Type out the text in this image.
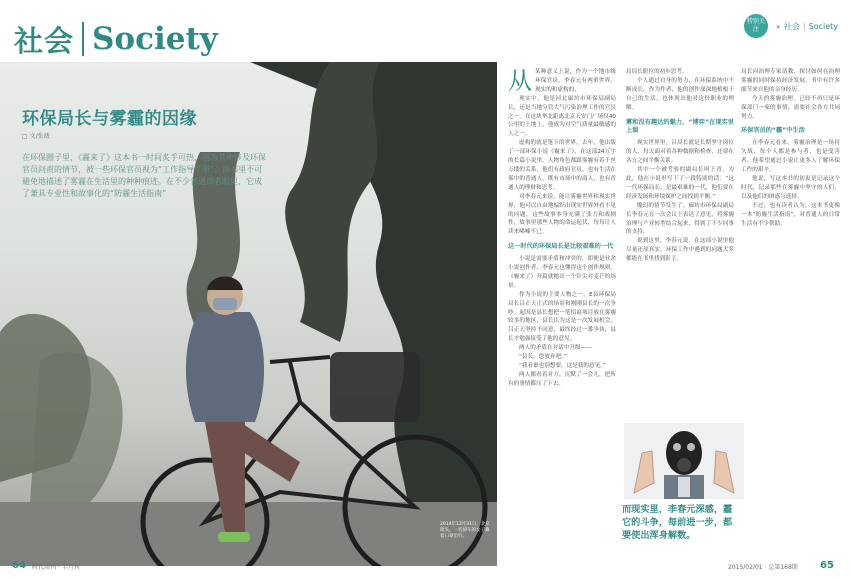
社会 Society	特别关注	▸ 社会 | Society
环保局长与雾霾的因缘
□ 文/张薇
在环保圈子里，《霾来了》这本书一时间炙手可热，因为其中涉及环保官员问责的情节，被一些环保官员视为“工作指导手册”。而书里不可避免地描述了雾霾在生活里的种种痕迹。在不少普通读者眼里，它成了兼具专业性和故事化的“防霾生活指南”
2014年12月31日，北京街头。一名骑车的女子戴着口罩出行。

从某种意义上说，作为一个地市级环保官员，李春元有两重世界，现实的和虚构的。

现实中，他是河北廊坊市环保局副局长，还是当地分管大气污染治理工作的官员之一。在这块华北距离北京天安门广场仅40公里的土地上，他成为对空气质量最敏感的人之一。

虚构的就是笔下的世界。去年，他出版了一部环保小说《霾来了》，在这部24万字的长篇小说里，人物角色都跟雾霾有着千丝万缕的关系，他们有政府官员，也有生活在雾中的普通人，既有市场中的商人，也有普通人的理财和思考。

对李春元来说，能让雾霾世界和现实世界，他可以自由地编织出现实世界外看不见的问题，这些故事本身充满了张力和戏剧性，故事里那些人物的命运起伏，每每让人读来唏嘘不已。

这一时代的环保局长是比较艰难的一代

小说是需要矛盾和冲突的，即便是业余小说创作者，李春元也懂得这个创作规则。《霾来了》开篇就抛出一个针尖对麦芒的场景。

作为小说的主要人物之一，E县环保局局长吕正天正式的场景和刚刚县长的一次争吵。起因是县长想把一笔招商项目放在雾霾较多的地区，县长认为这是一次发展机会，吕正天坚持不同意，最终经过一番争执，县长才勉强接受了他的意见。

两人的矛盾在对话中升级——

“县长，您放弃吧。”

“我看谁也别想要，这是我的意见。”

两人都看着对方，沉默了一会儿，把所有的事情都压了下去。

局局长职位的初步思考。

个人通过自身的努力，在环保系统中不断成长。作为作者，他的创作深深地植根于自己的生活，也体现出他对这份职业的理解。

雾和没有趣达的魅力，“博弈”在现实里上演

现实世界里，吕局长就是长期坚守岗位的人，每天面对着各种数据和检查，还要在各方之间平衡关系。

其中一个被考验的副局长叫王青，为此，他在小说里写下了一段特别的话：“这一代环保局长，是最艰难的一代，他们要在经济发展和环境保护之间找到平衡。”

魔幻的情节发生了。廊坊市环保局副局长李春元在一次会议上表达了意见，将雾霾治理与产业转型结合起来，得到了不少同事的支持。

说到这里，李春元说，在这部小说里他尽量还原真实，环保工作中遇到的问题大多都能在书里找到影子。

而现实里，李春元深感，霾它的斗争，每前进一步，都要使出浑身解数。

局长向治理专家请教，探讨如何在治理雾霾的同时保持经济发展。书中有许多细节来自他的亲身经历。

今天的雾霾治理，已经不再只是环保部门一家的事情，需要社会各方共同努力。

环保官员的“霾”中生活

在李春元看来，雾霾治理是一场持久战，每个人都是参与者，也是受害者。他希望通过小说让更多人了解环保工作的艰辛。

他说，写这本书的初衷是记录这个时代，记录那些在雾霾中坚守的人们，以及他们的困惑与选择。

不过，也有读者认为，这本书更像一本“防霾生活指南”，对普通人的日常生活有不少帮助。

64 时代周刊 · 半月刊	2015/02/01 · 总第168期 65
